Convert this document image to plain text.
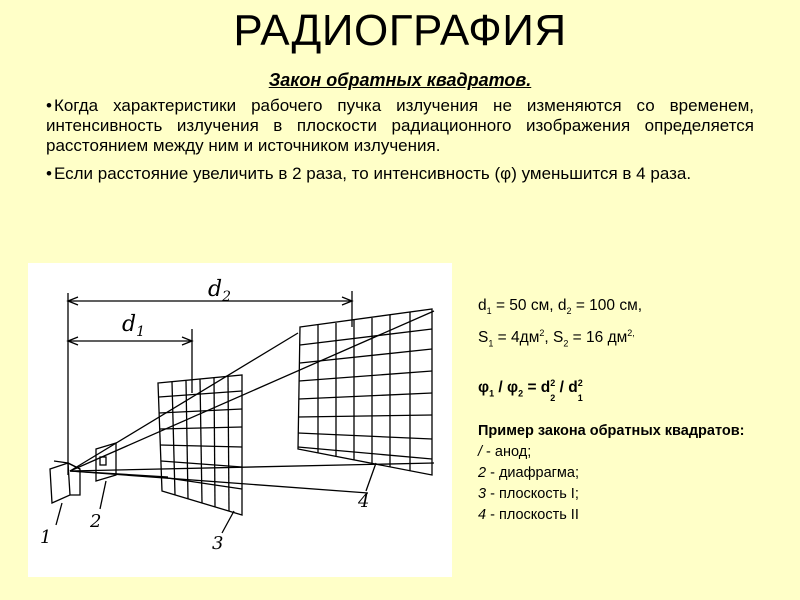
РАДИОГРАФИЯ
Закон обратных квадратов.

• Когда характеристики рабочего пучка излучения не изменяются со временем, интенсивность излучения в плоскости радиационного изображения определяется расстоянием между ним и источником излучения.

• Если расстояние увеличить в 2 раза, то интенсивность (φ) уменьшится в 4 раза.

$d_2$
$d_1$
1
2
3
4
$d_1 = 50$ см, $d_2 = 100$ см,
$S_1 = 4дм^2$, $S_2 = 16$ $дм^{2,}$
$\varphi_1 / \varphi_2 = d_2^2 / d_1^2$
Пример закона обратных квадратов:
/ - анод;
2 - диафрагма;
3 - плоскость I;
4 - плоскость II
